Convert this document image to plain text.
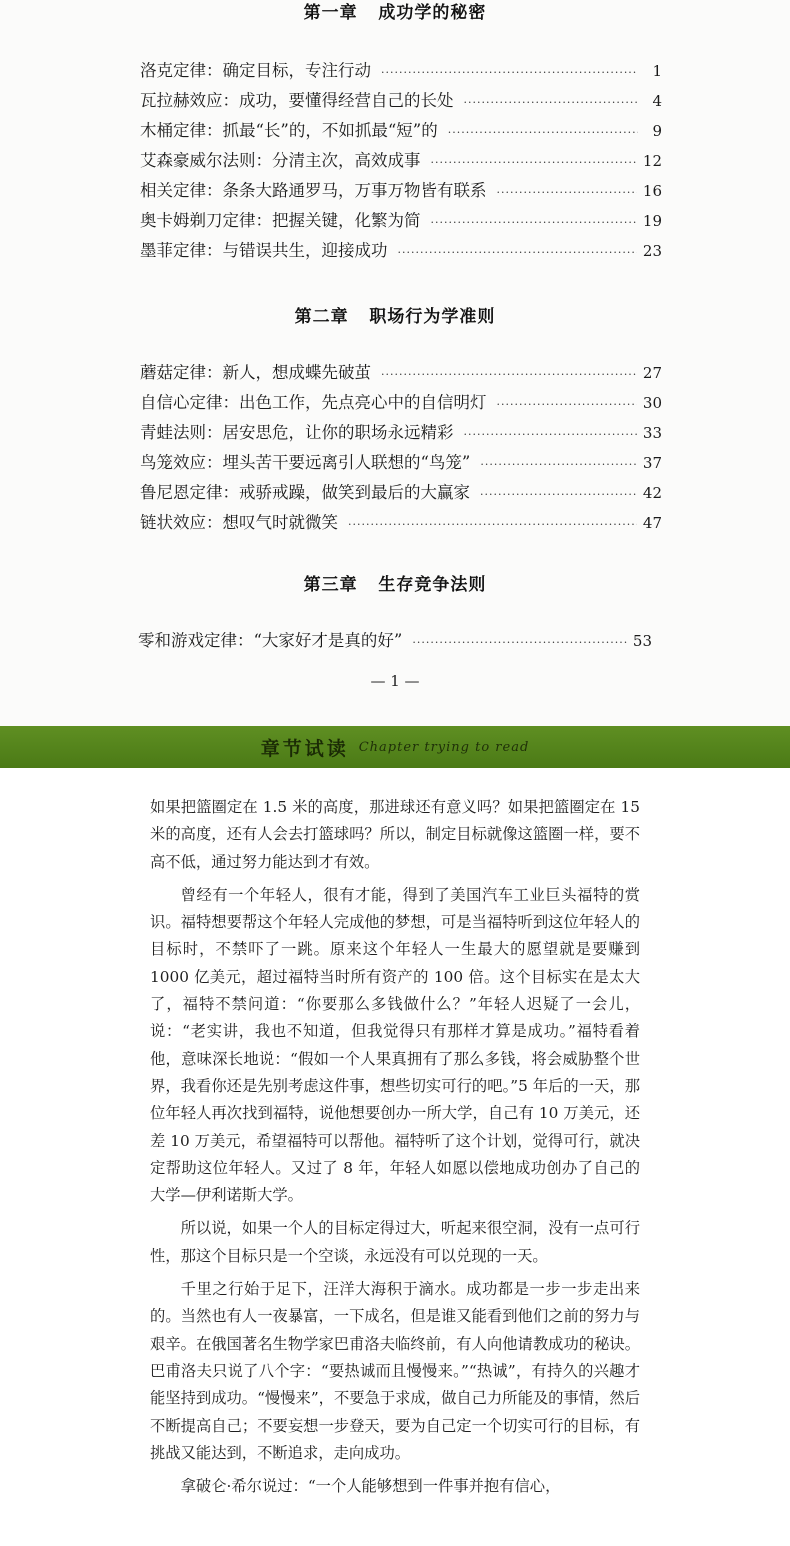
第一章   成功学的秘密
洛克定律：确定目标，专注行动 ·····	1
瓦拉赫效应：成功，要懂得经营自己的长处 ·····	4
木桶定律：抓最“长”的，不如抓最“短”的 ·····	9
艾森豪威尔法则：分清主次，高效成事 ·····	12
相关定律：条条大路通罗马，万事万物皆有联系 ·····	16
奥卡姆剃刀定律：把握关键，化繁为简 ·····	19
墨菲定律：与错误共生，迎接成功 ·····	23
第二章   职场行为学准则
蘑菇定律：新人，想成蝶先破茧 ·····	27
自信心定律：出色工作，先点亮心中的自信明灯 ·····	30
青蛙法则：居安思危，让你的职场永远精彩 ·····	33
鸟笼效应：埋头苦干要远离引人联想的“鸟笼” ·····	37
鲁尼恩定律：戒骄戒躁，做笑到最后的大赢家 ·····	42
链状效应：想叹气时就微笑 ·····	47
第三章   生存竞争法则
零和游戏定律：“大家好才是真的好” ·····	53
— 1 —
章节试读 Chapter trying to read

如果把篮圈定在 1.5 米的高度，那进球还有意义吗？如果把篮圈定在 15 米的高度，还有人会去打篮球吗？所以，制定目标就像这篮圈一样，要不高不低，通过努力能达到才有效。

曾经有一个年轻人，很有才能，得到了美国汽车工业巨头福特的赏识。福特想要帮这个年轻人完成他的梦想，可是当福特听到这位年轻人的目标时，不禁吓了一跳。原来这个年轻人一生最大的愿望就是要赚到 1000 亿美元，超过福特当时所有资产的 100 倍。这个目标实在是太大了，福特不禁问道：“你要那么多钱做什么？”年轻人迟疑了一会儿，说：“老实讲，我也不知道，但我觉得只有那样才算是成功。”福特看着他，意味深长地说：“假如一个人果真拥有了那么多钱，将会威胁整个世界，我看你还是先别考虑这件事，想些切实可行的吧。”5 年后的一天，那位年轻人再次找到福特，说他想要创办一所大学，自己有 10 万美元，还差 10 万美元，希望福特可以帮他。福特听了这个计划，觉得可行，就决定帮助这位年轻人。又过了 8 年，年轻人如愿以偿地成功创办了自己的大学—伊利诺斯大学。

所以说，如果一个人的目标定得过大，听起来很空洞，没有一点可行性，那这个目标只是一个空谈，永远没有可以兑现的一天。

千里之行始于足下，汪洋大海积于滴水。成功都是一步一步走出来的。当然也有人一夜暴富，一下成名，但是谁又能看到他们之前的努力与艰辛。在俄国著名生物学家巴甫洛夫临终前，有人向他请教成功的秘诀。巴甫洛夫只说了八个字：“要热诚而且慢慢来。”“热诚”，有持久的兴趣才能坚持到成功。“慢慢来”，不要急于求成，做自己力所能及的事情，然后不断提高自己；不要妄想一步登天，要为自己定一个切实可行的目标，有挑战又能达到，不断追求，走向成功。

拿破仑·希尔说过：“一个人能够想到一件事并抱有信心，
